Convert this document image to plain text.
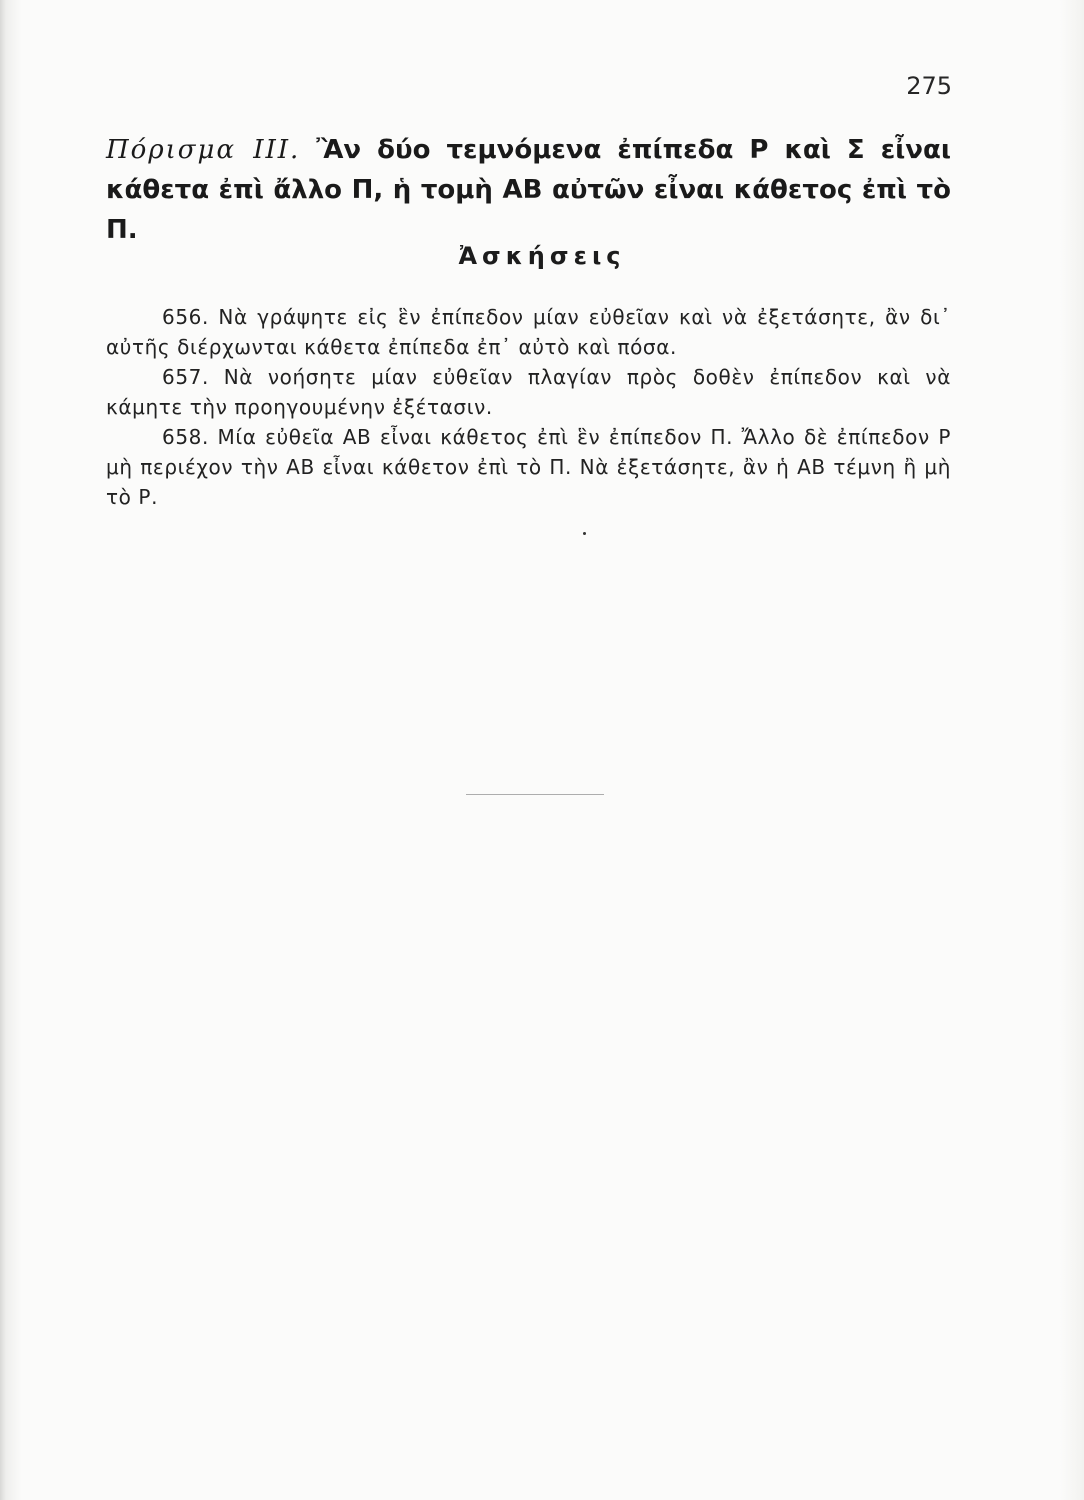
275
Πόρισμα III. Ἂν δύο τεμνόμενα ἐπίπεδα Ρ καὶ Σ εἶναι
κάθετα ἐπὶ ἄλλο Π, ἡ τομὴ ΑΒ αὐτῶν εἶναι κάθετος ἐπὶ τὸ Π.
Ἀσκήσεις

656. Νὰ γράψητε εἰς ἓν ἐπίπεδον μίαν εὐθεῖαν καὶ νὰ ἐξετάσητε, ἂν δι᾽ αὐτῆς διέρχωνται κάθετα ἐπίπεδα ἐπ᾽ αὐτὸ καὶ πόσα.

657. Νὰ νοήσητε μίαν εὐθεῖαν πλαγίαν πρὸς δοθὲν ἐπίπεδον καὶ νὰ κάμητε τὴν προηγουμένην ἐξέτασιν.

658. Μία εὐθεῖα ΑΒ εἶναι κάθετος ἐπὶ ἓν ἐπίπεδον Π. Ἄλλο δὲ ἐπίπεδον Ρ μὴ περιέχον τὴν ΑΒ εἶναι κάθετον ἐπὶ τὸ Π. Νὰ ἐξετάσητε, ἂν ἡ ΑΒ τέμνη ἢ μὴ τὸ Ρ.
